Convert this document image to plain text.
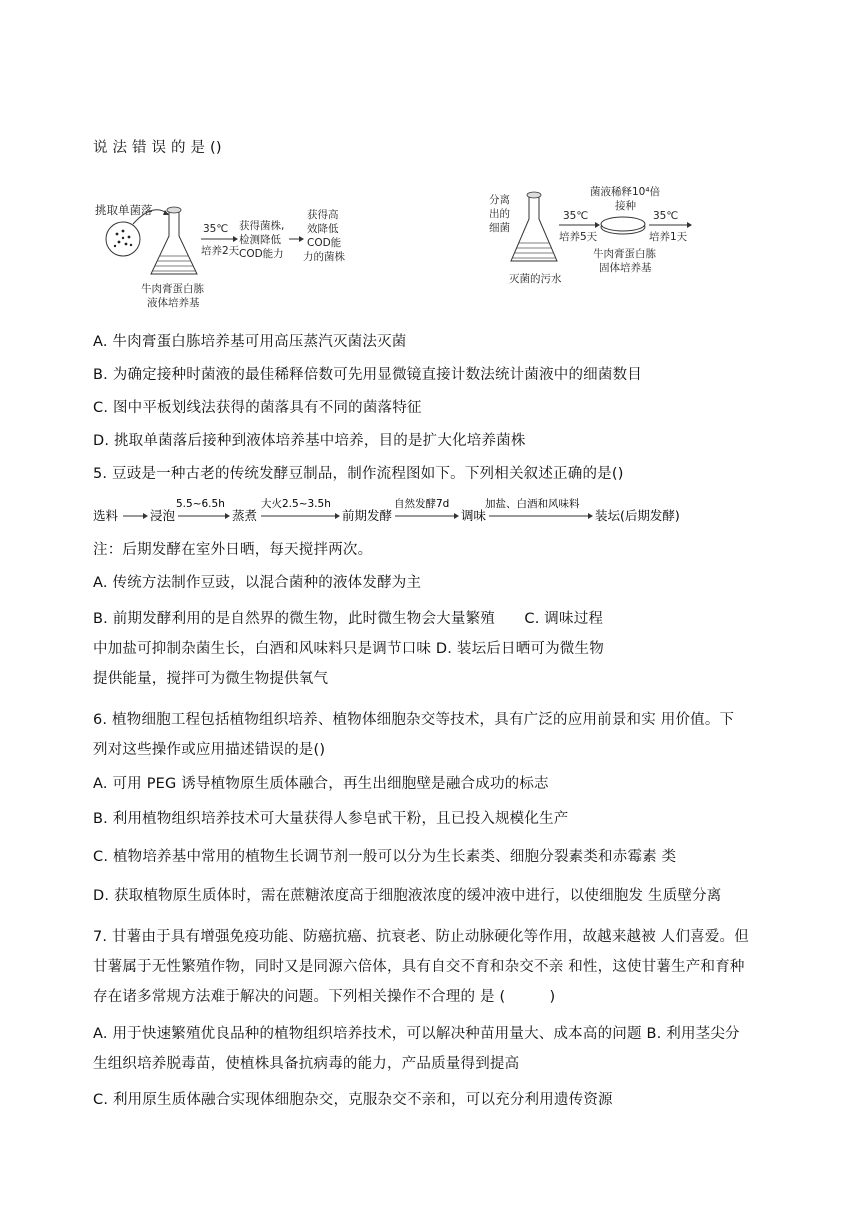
说 法 错 误 的 是 ()
挑取单菌落
35℃
培养2天
获得菌株,
检测降低
COD能力
获得高
效降低
COD能
力的菌株
牛肉膏蛋白胨
液体培养基
分离
出的
细菌
灭菌的污水
35℃
培养5天
菌液稀释10⁴倍
接种
35℃
培养1天
牛肉膏蛋白胨
固体培养基
A. 牛肉膏蛋白胨培养基可用高压蒸汽灭菌法灭菌
B. 为确定接种时菌液的最佳稀释倍数可先用显微镜直接计数法统计菌液中的细菌数目
C. 图中平板划线法获得的菌落具有不同的菌落特征
D. 挑取单菌落后接种到液体培养基中培养，目的是扩大化培养菌株
5. 豆豉是一种古老的传统发酵豆制品，制作流程图如下。下列相关叙述正确的是()
选料	浸泡
5.5~6.5h
蒸煮
大火2.5~3.5h
前期发酵
自然发酵7d
调味
加盐、白酒和风味料
装坛(后期发酵)
注：后期发酵在室外日晒，每天搅拌两次。
A. 传统方法制作豆豉，以混合菌种的液体发酵为主
B. 前期发酵利用的是自然界的微生物，此时微生物会大量繁殖　　C. 调味过程
中加盐可抑制杂菌生长，白酒和风味料只是调节口味 D. 装坛后日晒可为微生物
提供能量，搅拌可为微生物提供氧气
6. 植物细胞工程包括植物组织培养、植物体细胞杂交等技术，具有广泛的应用前景和实 用价值。下
列对这些操作或应用描述错误的是()
A. 可用 PEG 诱导植物原生质体融合，再生出细胞壁是融合成功的标志
B. 利用植物组织培养技术可大量获得人参皂甙干粉，且已投入规模化生产
C. 植物培养基中常用的植物生长调节剂一般可以分为生长素类、细胞分裂素类和赤霉素 类
D. 获取植物原生质体时，需在蔗糖浓度高于细胞液浓度的缓冲液中进行，以使细胞发 生质壁分离
7. 甘薯由于具有增强免疫功能、防癌抗癌、抗衰老、防止动脉硬化等作用，故越来越被 人们喜爱。但
甘薯属于无性繁殖作物，同时又是同源六倍体，具有自交不育和杂交不亲 和性，这使甘薯生产和育种
存在诸多常规方法难于解决的问题。下列相关操作不合理的 是 (　　　)
A. 用于快速繁殖优良品种的植物组织培养技术，可以解决种苗用量大、成本高的问题 B. 利用茎尖分
生组织培养脱毒苗，使植株具备抗病毒的能力，产品质量得到提高
C. 利用原生质体融合实现体细胞杂交，克服杂交不亲和，可以充分利用遗传资源
